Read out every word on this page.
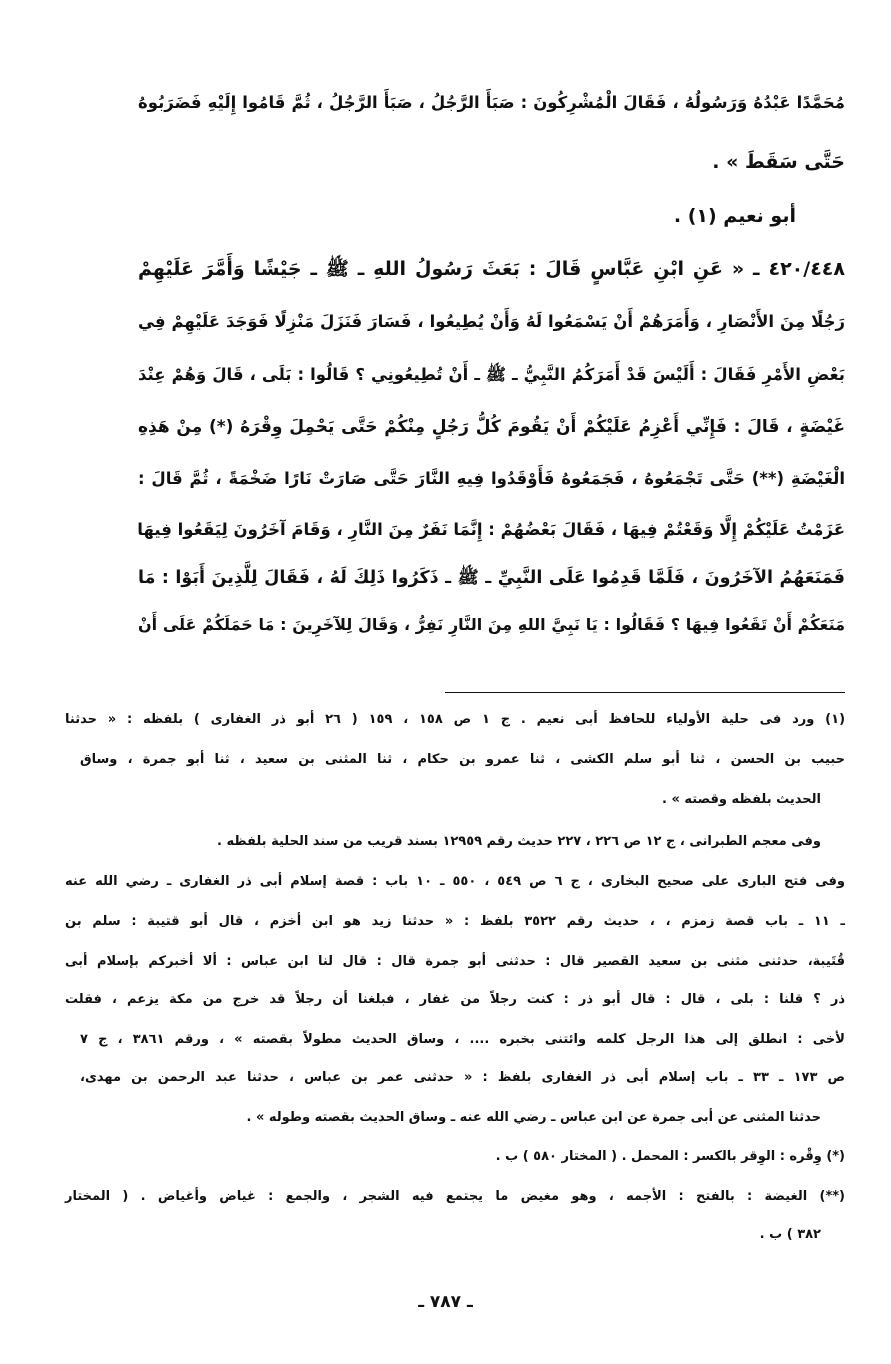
ـ ٧٨٧ ـ
مُحَمَّدًا عَبْدُهُ وَرَسُولُهُ ، فَقَالَ الْمُشْرِكُونَ : صَبَأَ الرَّجُلُ ، صَبَأَ الرَّجُلُ ، ثُمَّ قَامُوا إِلَيْهِ فَضَرَبُوهُ
حَتَّى سَقَطَ » .
أبو نعيم (١) .
٤٢٠/٤٤٨ ـ « عَنِ ابْنِ عَبَّاسٍ قَالَ : بَعَثَ رَسُولُ اللهِ ـ ﷺ ـ جَيْشًا وَأَمَّرَ عَلَيْهِمْ
رَجُلًا مِنَ الأَنْصَارِ ، وَأَمَرَهُمْ أَنْ يَسْمَعُوا لَهُ وَأَنْ يُطِيعُوا ، فَسَارَ فَنَزَلَ مَنْزِلًا فَوَجَدَ عَلَيْهِمْ فِي
بَعْضِ الأَمْرِ فَقَالَ : أَلَيْسَ قَدْ أَمَرَكُمُ النَّبِيُّ ـ ﷺ ـ أَنْ تُطِيعُونِي ؟ قَالُوا : بَلَى ، قَالَ وَهُمْ عِنْدَ
غَيْضَةٍ ، قَالَ : فَإِنِّي أَعْزِمُ عَلَيْكُمْ أَنْ يَقُومَ كُلُّ رَجُلٍ مِنْكُمْ حَتَّى يَحْمِلَ وِقْرَهُ (*) مِنْ هَذِهِ
الْغَيْضَةِ (**) حَتَّى تَجْمَعُوهُ ، فَجَمَعُوهُ فَأَوْقَدُوا فِيهِ النَّارَ حَتَّى صَارَتْ نَارًا ضَخْمَةً ، ثُمَّ قَالَ :
عَزَمْتُ عَلَيْكُمْ إِلَّا وَقَعْتُمْ فِيهَا ، فَقَالَ بَعْضُهُمْ : إِنَّمَا نَفَرٌ مِنَ النَّارِ ، وَقَامَ آخَرُونَ لِيَقَعُوا فِيهَا
فَمَنَعَهُمُ الآخَرُونَ ، فَلَمَّا قَدِمُوا عَلَى النَّبِيِّ ـ ﷺ ـ ذَكَرُوا ذَلِكَ لَهُ ، فَقَالَ لِلَّذِينَ أَبَوْا : مَا
مَنَعَكُمْ أَنْ تَقَعُوا فِيهَا ؟ فَقَالُوا : يَا نَبِيَّ اللهِ مِنَ النَّارِ نَفِرُّ ، وَقَالَ لِلآخَرِينَ : مَا حَمَلَكُمْ عَلَى أَنْ
(١) ورد فى حلية الأولياء للحافظ أبى نعيم . ج ١ ص ١٥٨ ، ١٥٩ ( ٢٦ أبو ذر الغفارى ) بلفظه : « حدثنا
حبيب بن الحسن ، ثنا أبو سلم الكشى ، ثنا عمرو بن حكام ، ثنا المثنى بن سعيد ، ثنا أبو جمرة ، وساق
الحديث بلفظه وقصته » .
وفى معجم الطبرانى ، ج ١٢ ص ٢٢٦ ، ٢٢٧ حديث رقم ١٢٩٥٩ بسند قريب من سند الحلية بلفظه .
وفى فتح البارى على صحيح البخارى ، ج ٦ ص ٥٤٩ ، ٥٥٠ ـ ١٠ باب : قصة إسلام أبى ذر الغفارى ـ رضي الله عنه
ـ ١١ ـ باب قصة زمزم ، ، حديث رقم ٣٥٢٢ بلفظ : « حدثنا زيد هو ابن أخزم ، قال أبو قتيبة : سلم بن
قُتَيبة، حدثنى مثنى بن سعيد القصير قال : حدثنى أبو جمرة قال : قال لنا ابن عباس : ألا أخبركم بإسلام أبى
ذر ؟ قلنا : بلى ، قال : قال أبو ذر : كنت رجلاً من غفار ، فبلغنا أن رجلاً قد خرج من مكة يزعم ، فقلت
لأخى : انطلق إلى هذا الرجل كلمه وائتنى بخبره .... ، وساق الحديث مطولاً بقصته » ، ورقم ٣٨٦١ ، ج ٧
ص ١٧٣ ـ ٣٣ ـ باب إسلام أبى ذر الغفارى بلفظ : « حدثنى عمر بن عباس ، حدثنا عبد الرحمن بن مهدى،
حدثنا المثنى عن أبى جمرة عن ابن عباس ـ رضي الله عنه ـ وساق الحديث بقصته وطوله » .
(*) وِقْره : الوِقر بالكسر : المحمل . ( المختار ٥٨٠ ) ب .
(**) الغيضة : بالفتح : الأجمه ، وهو مغيض ما يجتمع فيه الشجر ، والجمع : غياض وأغياض . ( المختار
٣٨٢ ) ب .
